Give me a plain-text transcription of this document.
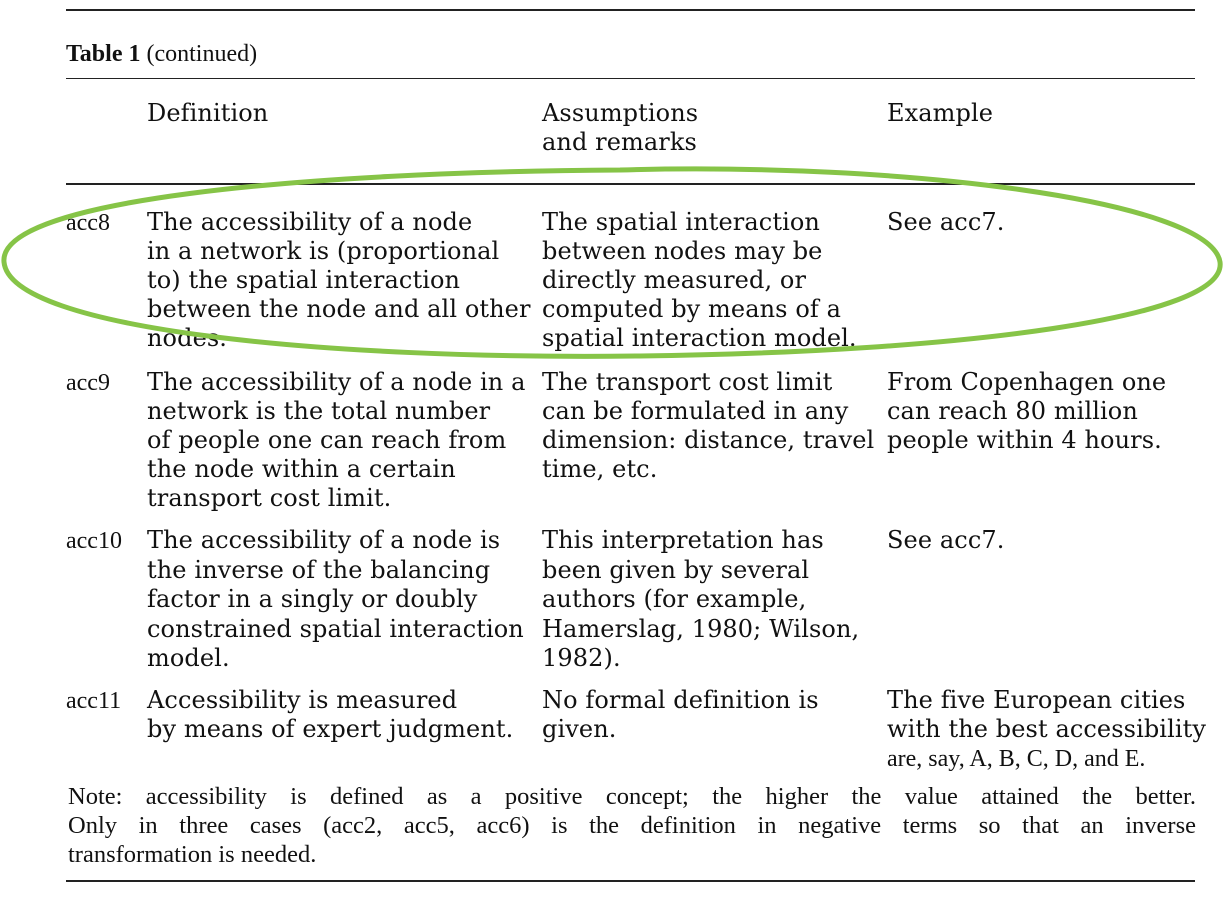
Table 1 (continued)
Definition	Assumptions
and remarks
Example
acc8 The accessibility of a node
in a network is (proportional
to) the spatial interaction
between the node and all other
nodes.
The spatial interaction
between nodes may be
directly measured, or
computed by means of a
spatial interaction model.
See acc7.
acc9 The accessibility of a node in a
network is the total number
of people one can reach from
the node within a certain
transport cost limit.
The transport cost limit
can be formulated in any
dimension: distance, travel
time, etc.
From Copenhagen one
can reach 80 million
people within 4 hours.
acc10 The accessibility of a node is
the inverse of the balancing
factor in a singly or doubly
constrained spatial interaction
model.
This interpretation has
been given by several
authors (for example,
Hamerslag, 1980; Wilson,
1982).
See acc7.
acc11 Accessibility is measured
by means of expert judgment.
No formal definition is
given.
The five European cities
with the best accessibility
are, say, A, B, C, D, and E.
Note: accessibility is defined as a positive concept; the higher the value attained the better.
Only in three cases (acc2, acc5, acc6) is the definition in negative terms so that an inverse
transformation is needed.
